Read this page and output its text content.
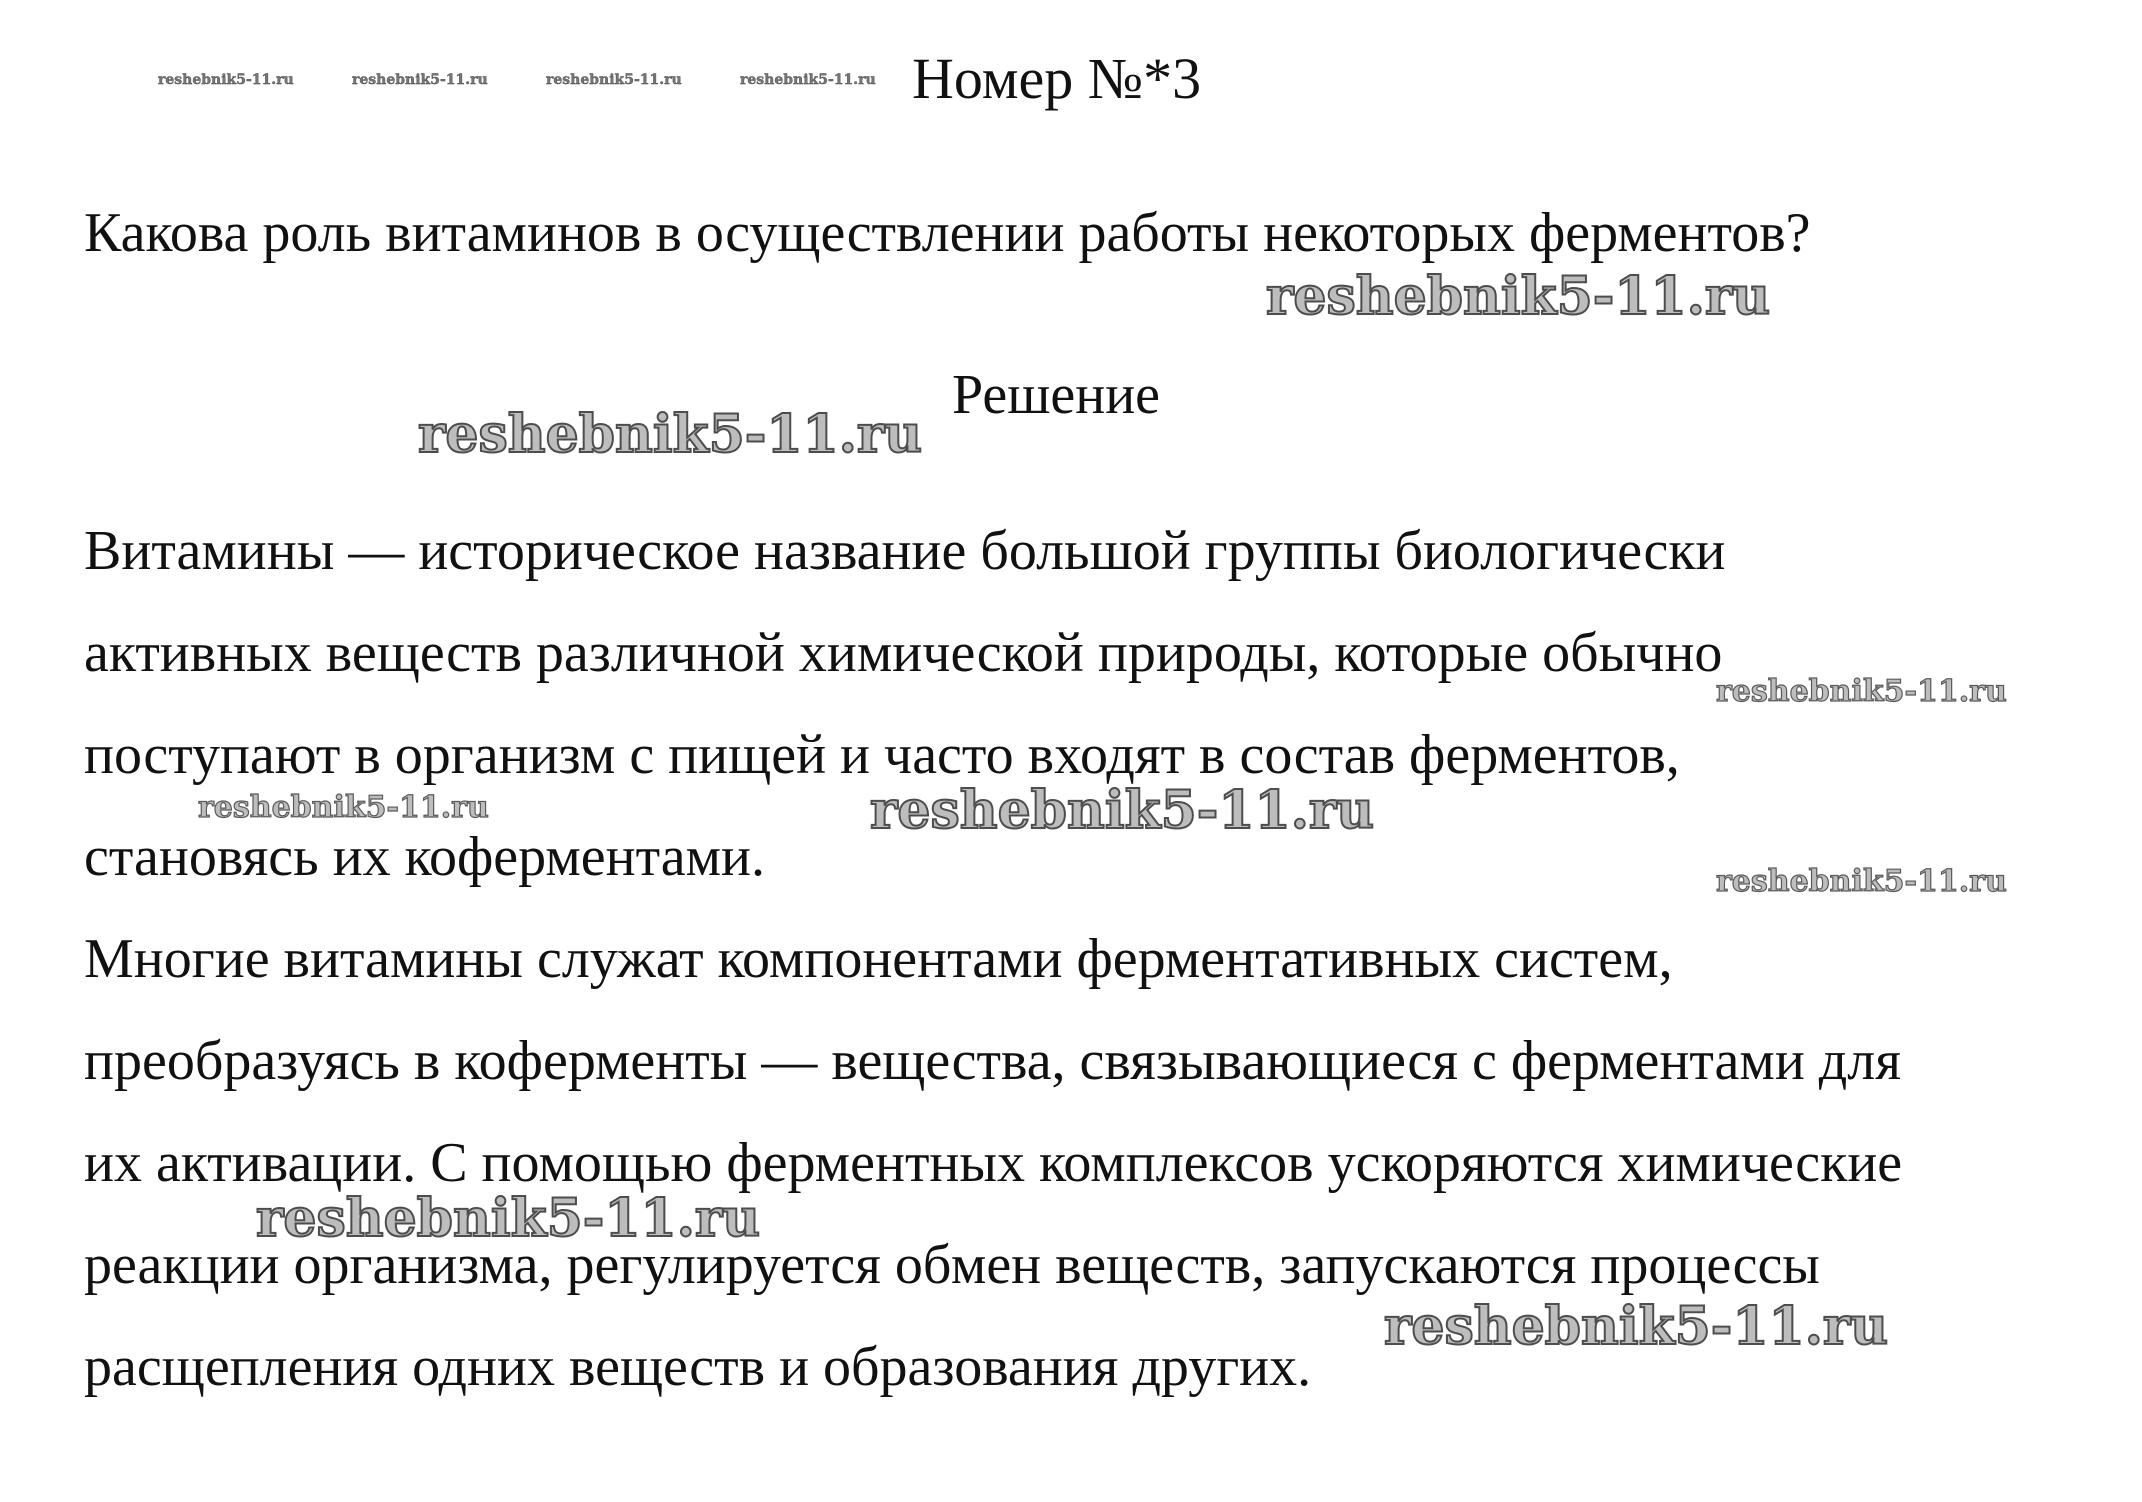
reshebnik5-11.ru	reshebnik5-11.ru	reshebnik5-11.ru	reshebnik5-11.ru Номер №*3
Какова роль витаминов в осуществлении работы некоторых ферментов?
reshebnik5-11.ru
Решение
reshebnik5-11.ru
Витамины — историческое название большой группы биологически
активных веществ различной химической природы, которые обычно
поступают в организм с пищей и часто входят в состав ферментов,
становясь их коферментами.
Многие витамины служат компонентами ферментативных систем,
преобразуясь в коферменты — вещества, связывающиеся с ферментами для
их активации. С помощью ферментных комплексов ускоряются химические
реакции организма, регулируется обмен веществ, запускаются процессы
расщепления одних веществ и образования других.
reshebnik5-11.ru
reshebnik5-11.ru	reshebnik5-11.ru
reshebnik5-11.ru
reshebnik5-11.ru
reshebnik5-11.ru
